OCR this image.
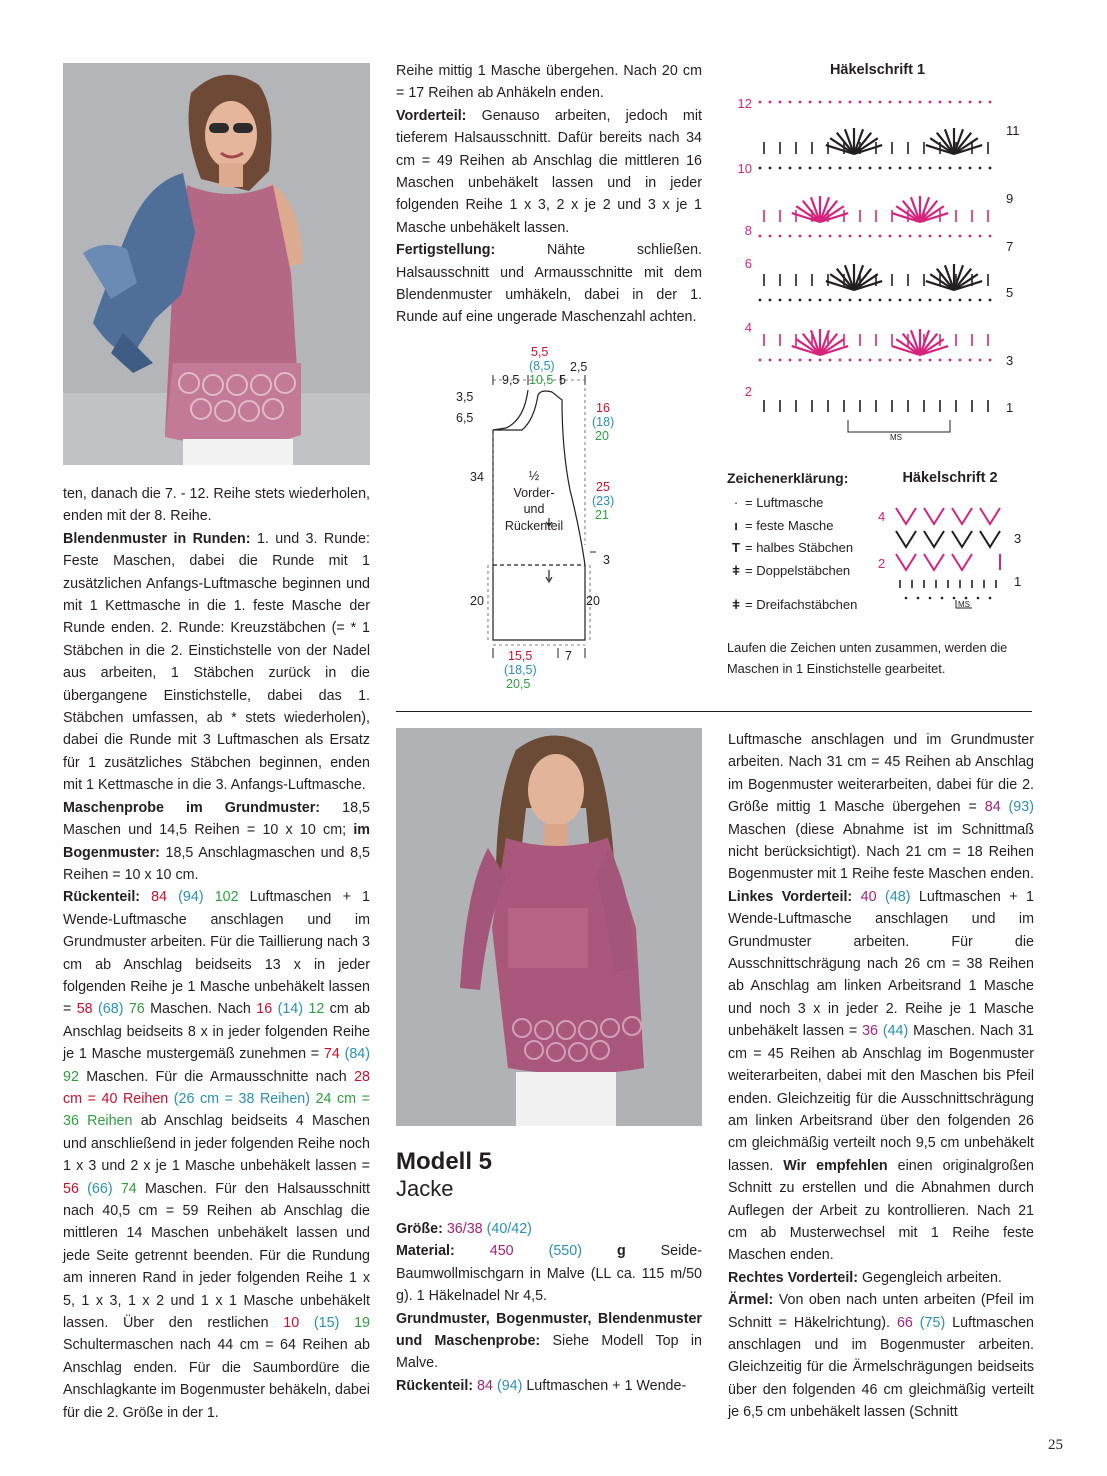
ten, danach die 7. - 12. Reihe stets wiederholen, enden mit der 8. Reihe.

Blendenmuster in Runden: 1. und 3. Runde: Feste Maschen, dabei die Runde mit 1 zusätzlichen Anfangs-Luftmasche beginnen und mit 1 Kettmasche in die 1. feste Masche der Runde enden. 2. Runde: Kreuzstäbchen (= * 1 Stäbchen in die 2. Einstichstelle von der Nadel aus arbeiten, 1 Stäbchen zurück in die übergangene Einstichstelle, dabei das 1. Stäbchen umfassen, ab * stets wiederholen), dabei die Runde mit 3 Luftmaschen als Ersatz für 1 zusätzliches Stäbchen beginnen, enden mit 1 Kettmasche in die 3. Anfangs-Luftmasche.

Maschenprobe im Grundmuster: 18,5 Maschen und 14,5 Reihen = 10 x 10 cm; im Bogenmuster: 18,5 Anschlagmaschen und 8,5 Reihen = 10 x 10 cm.

Rückenteil: 84 (94) 102 Luftmaschen + 1 Wende-Luftmasche anschlagen und im Grundmuster arbeiten. Für die Taillierung nach 3 cm ab Anschlag beidseits 13 x in jeder folgenden Reihe je 1 Masche unbehäkelt lassen = 58 (68) 76 Maschen. Nach 16 (14) 12 cm ab Anschlag beidseits 8 x in jeder folgenden Reihe je 1 Masche mustergemäß zunehmen = 74 (84) 92 Maschen. Für die Armausschnitte nach 28 cm = 40 Reihen (26 cm = 38 Reihen) 24 cm = 36 Reihen ab Anschlag beidseits 4 Maschen und anschließend in jeder folgenden Reihe noch 1 x 3 und 2 x je 1 Masche unbehäkelt lassen = 56 (66) 74 Maschen. Für den Halsausschnitt nach 40,5 cm = 59 Reihen ab Anschlag die mittleren 14 Maschen unbehäkelt lassen und jede Seite getrennt beenden. Für die Rundung am inneren Rand in jeder folgenden Reihe 1 x 5, 1 x 3, 1 x 2 und 1 x 1 Masche unbehäkelt lassen. Über den restlichen 10 (15) 19 Schultermaschen nach 44 cm = 64 Reihen ab Anschlag enden. Für die Saumbordüre die Anschlagkante im Bogenmuster behäkeln, dabei für die 2. Größe in der 1.

Reihe mittig 1 Masche übergehen. Nach 20 cm = 17 Reihen ab Anhäkeln enden.

Vorderteil: Genauso arbeiten, jedoch mit tieferem Halsausschnitt. Dafür bereits nach 34 cm = 49 Reihen ab Anschlag die mittleren 16 Maschen unbehäkelt lassen und in jeder folgenden Reihe 1 x 3, 2 x je 2 und 3 x je 1 Masche unbehäkelt lassen.

Fertigstellung: Nähte schließen. Halsausschnitt und Armausschnitte mit dem Blendenmuster umhäkeln, dabei in der 1. Runde auf eine ungerade Maschenzahl achten.

5,5
(8,5)
10,5 5
2,5
9,5
3,5
6,5
34
20
16
(18)
20
25
(23)
21
3
20
½
Vorder-
und
Rückenteil
15,5
(18,5)
20,5
7
Häkelschrift 1
12
10
8
6
4
2
11
9
7
5
3
1
MS
Zeichenerklärung:
· = Luftmasche
ı = feste Masche
T = halbes Stäbchen
ǂ = Doppelstäbchen
ǂ = Dreifachstäbchen
Laufen die Zeichen unten zusammen, werden die Maschen in 1 Einstichstelle gearbeitet.
Häkelschrift 2
4
3
2
1
MS
Modell 5
Jacke

Größe: 36/38 (40/42)

Material: 450 (550) g Seide-Baumwollmischgarn in Malve (LL ca. 115 m/50 g). 1 Häkelnadel Nr 4,5.

Grundmuster, Bogenmuster, Blendenmuster und Maschenprobe: Siehe Modell Top in Malve.

Rückenteil: 84 (94) Luftmaschen + 1 Wende-

Luftmasche anschlagen und im Grundmuster arbeiten. Nach 31 cm = 45 Reihen ab Anschlag im Bogenmuster weiterarbeiten, dabei für die 2. Größe mittig 1 Masche übergehen = 84 (93) Maschen (diese Abnahme ist im Schnittmaß nicht berücksichtigt). Nach 21 cm = 18 Reihen Bogenmuster mit 1 Reihe feste Maschen enden.

Linkes Vorderteil: 40 (48) Luftmaschen + 1 Wende-Luftmasche anschlagen und im Grundmuster arbeiten. Für die Ausschnittschrägung nach 26 cm = 38 Reihen ab Anschlag am linken Arbeitsrand 1 Masche und noch 3 x in jeder 2. Reihe je 1 Masche unbehäkelt lassen = 36 (44) Maschen. Nach 31 cm = 45 Reihen ab Anschlag im Bogenmuster weiterarbeiten, dabei mit den Maschen bis Pfeil enden. Gleichzeitig für die Ausschnittschrägung am linken Arbeitsrand über den folgenden 26 cm gleichmäßig verteilt noch 9,5 cm unbehäkelt lassen. Wir empfehlen einen originalgroßen Schnitt zu erstellen und die Abnahmen durch Auflegen der Arbeit zu kontrollieren. Nach 21 cm ab Musterwechsel mit 1 Reihe feste Maschen enden.

Rechtes Vorderteil: Gegengleich arbeiten.

Ärmel: Von oben nach unten arbeiten (Pfeil im Schnitt = Häkelrichtung). 66 (75) Luftmaschen anschlagen und im Bogenmuster arbeiten. Gleichzeitig für die Ärmelschrägungen beidseits über den folgenden 46 cm gleichmäßig verteilt je 6,5 cm unbehäkelt lassen (Schnitt

25
